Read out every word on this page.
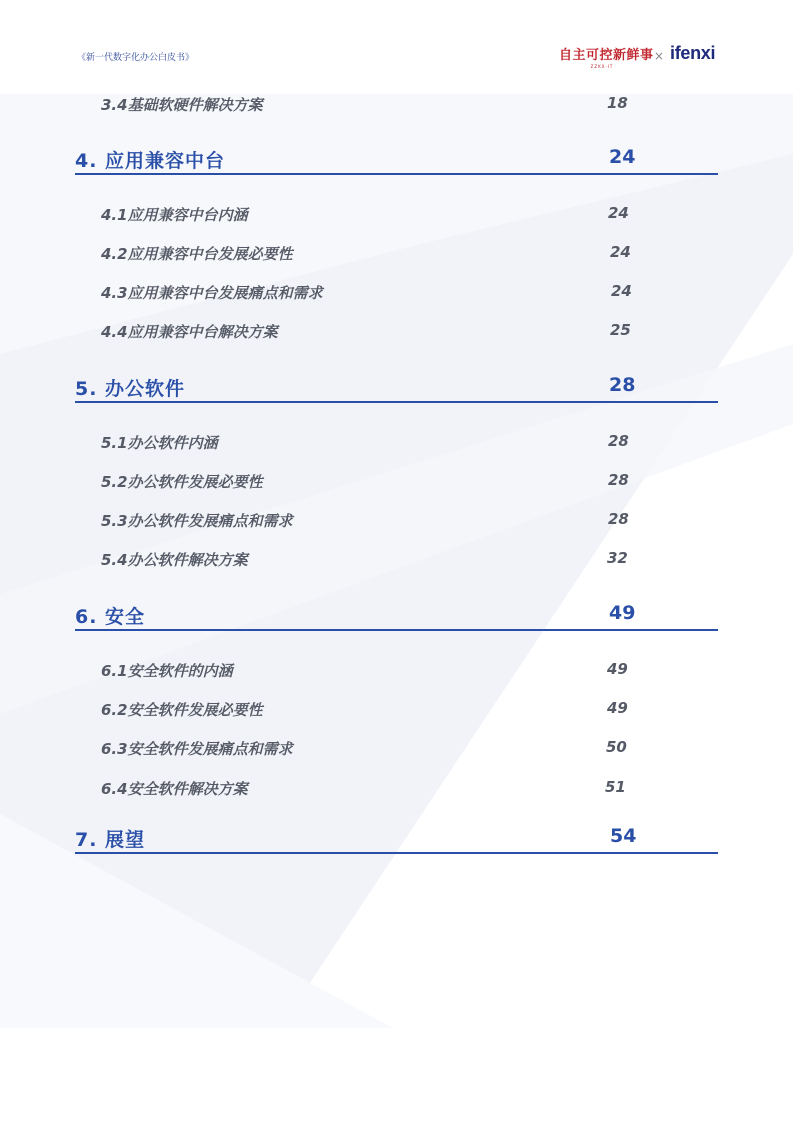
《新一代数字化办公白皮书》	自主可控新鲜事
ZZKX·IT
× ifenxi
3.4基础软硬件解决方案	18
4. 应用兼容中台	24
4.1应用兼容中台内涵	24
4.2应用兼容中台发展必要性	24
4.3应用兼容中台发展痛点和需求	24
4.4应用兼容中台解决方案	25
5. 办公软件	28
5.1办公软件内涵	28
5.2办公软件发展必要性	28
5.3办公软件发展痛点和需求	28
5.4办公软件解决方案	32
6. 安全	49
6.1安全软件的内涵	49
6.2安全软件发展必要性	49
6.3安全软件发展痛点和需求	50
6.4安全软件解决方案	51
7. 展望	54
